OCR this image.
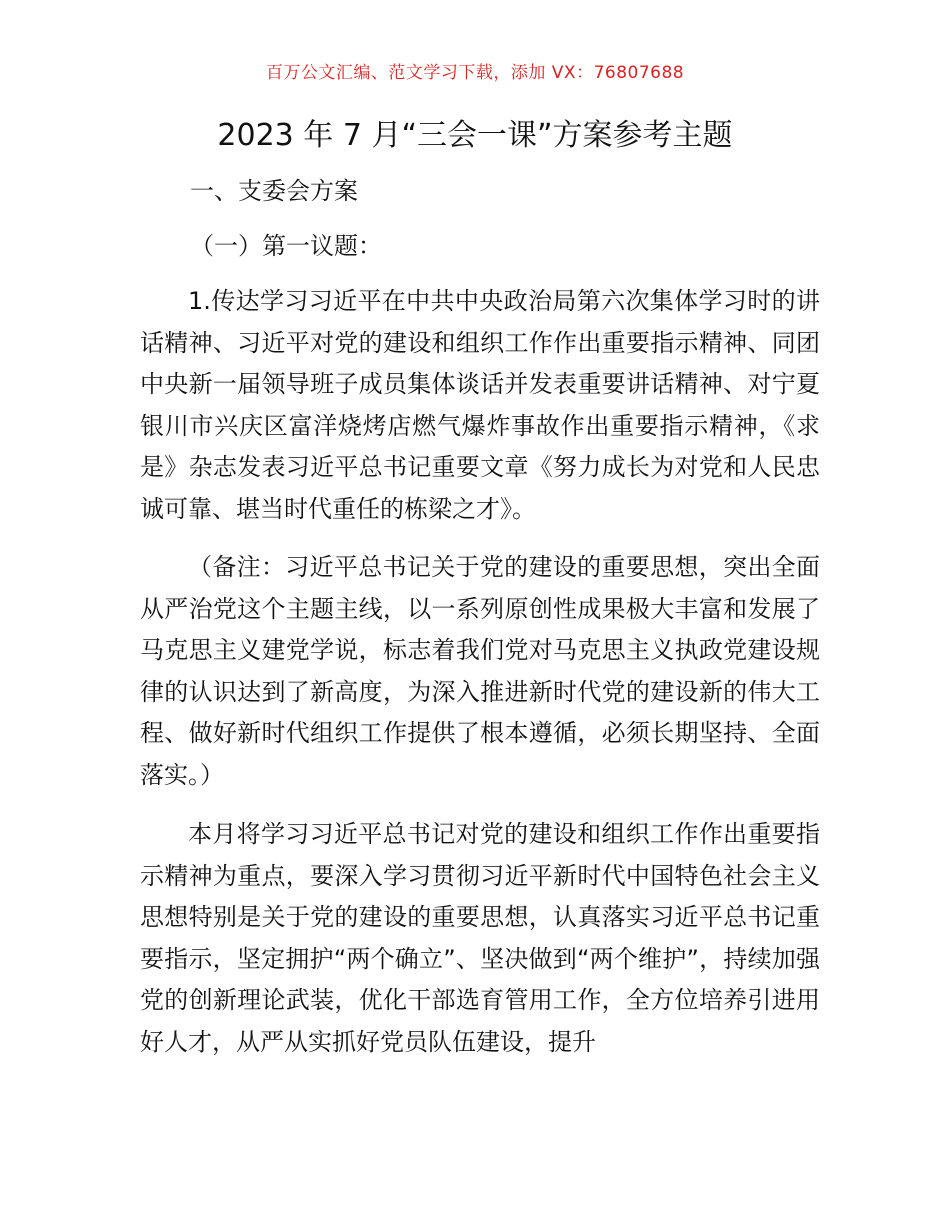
百万公文汇编、范文学习下载，添加 VX：76807688
2023 年 7 月“三会一课”方案参考主题
一、支委会方案
（一）第一议题：
1.传达学习习近平在中共中央政治局第六次集体学习时的讲话精神、习近平对党的建设和组织工作作出重要指示精神、同团中央新一届领导班子成员集体谈话并发表重要讲话精神、对宁夏银川市兴庆区富洋烧烤店燃气爆炸事故作出重要指示精神，《求是》杂志发表习近平总书记重要文章《努力成长为对党和人民忠诚可靠、堪当时代重任的栋梁之才》。
（备注：习近平总书记关于党的建设的重要思想，突出全面从严治党这个主题主线，以一系列原创性成果极大丰富和发展了马克思主义建党学说，标志着我们党对马克思主义执政党建设规律的认识达到了新高度，为深入推进新时代党的建设新的伟大工程、做好新时代组织工作提供了根本遵循，必须长期坚持、全面落实。）
本月将学习习近平总书记对党的建设和组织工作作出重要指示精神为重点，要深入学习贯彻习近平新时代中国特色社会主义思想特别是关于党的建设的重要思想，认真落实习近平总书记重要指示，坚定拥护“两个确立”、坚决做到“两个维护”，持续加强党的创新理论武装，优化干部选育管用工作，全方位培养引进用好人才，从严从实抓好党员队伍建设，提升
